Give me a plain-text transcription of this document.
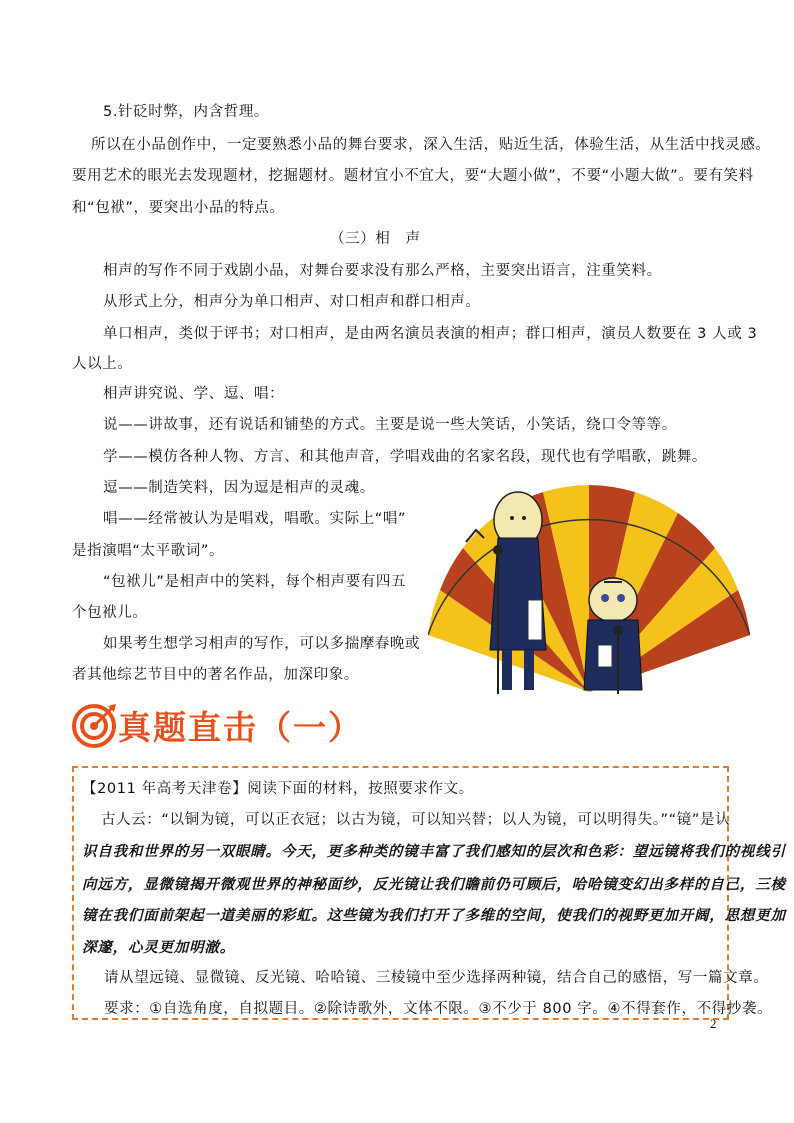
5.针砭时弊，内含哲理。
所以在小品创作中，一定要熟悉小品的舞台要求，深入生活，贴近生活，体验生活，从生活中找灵感。
要用艺术的眼光去发现题材，挖掘题材。题材宜小不宜大，要“大题小做”，不要“小题大做”。要有笑料
和“包袱”，要突出小品的特点。
（三）相　声
相声的写作不同于戏剧小品，对舞台要求没有那么严格，主要突出语言，注重笑料。
从形式上分，相声分为单口相声、对口相声和群口相声。
单口相声，类似于评书；对口相声，是由两名演员表演的相声；群口相声，演员人数要在 3 人或 3
人以上。
相声讲究说、学、逗、唱：
说——讲故事，还有说话和铺垫的方式。主要是说一些大笑话，小笑话，绕口令等等。
学——模仿各种人物、方言、和其他声音，学唱戏曲的名家名段，现代也有学唱歌，跳舞。
逗——制造笑料，因为逗是相声的灵魂。
唱——经常被认为是唱戏，唱歌。实际上“唱”
是指演唱“太平歌词”。
“包袱儿”是相声中的笑料，每个相声要有四五
个包袱儿。
如果考生想学习相声的写作，可以多揣摩春晚或
者其他综艺节目中的著名作品，加深印象。
真题直击（一）
【2011 年高考天津卷】阅读下面的材料，按照要求作文。
古人云：“以铜为镜，可以正衣冠；以古为镜，可以知兴替；以人为镜，可以明得失。”“镜”是认
识自我和世界的另一双眼睛。今天，更多种类的镜丰富了我们感知的层次和色彩：望远镜将我们的视线引
向远方，显微镜揭开微观世界的神秘面纱，反光镜让我们瞻前仍可顾后，哈哈镜变幻出多样的自己，三棱
镜在我们面前架起一道美丽的彩虹。这些镜为我们打开了多维的空间，使我们的视野更加开阔，思想更加
深邃，心灵更加明澈。
请从望远镜、显微镜、反光镜、哈哈镜、三棱镜中至少选择两种镜，结合自己的感悟，写一篇文章。
要求：①自选角度，自拟题目。②除诗歌外，文体不限。③不少于 800 字。④不得套作，不得抄袭。
2
